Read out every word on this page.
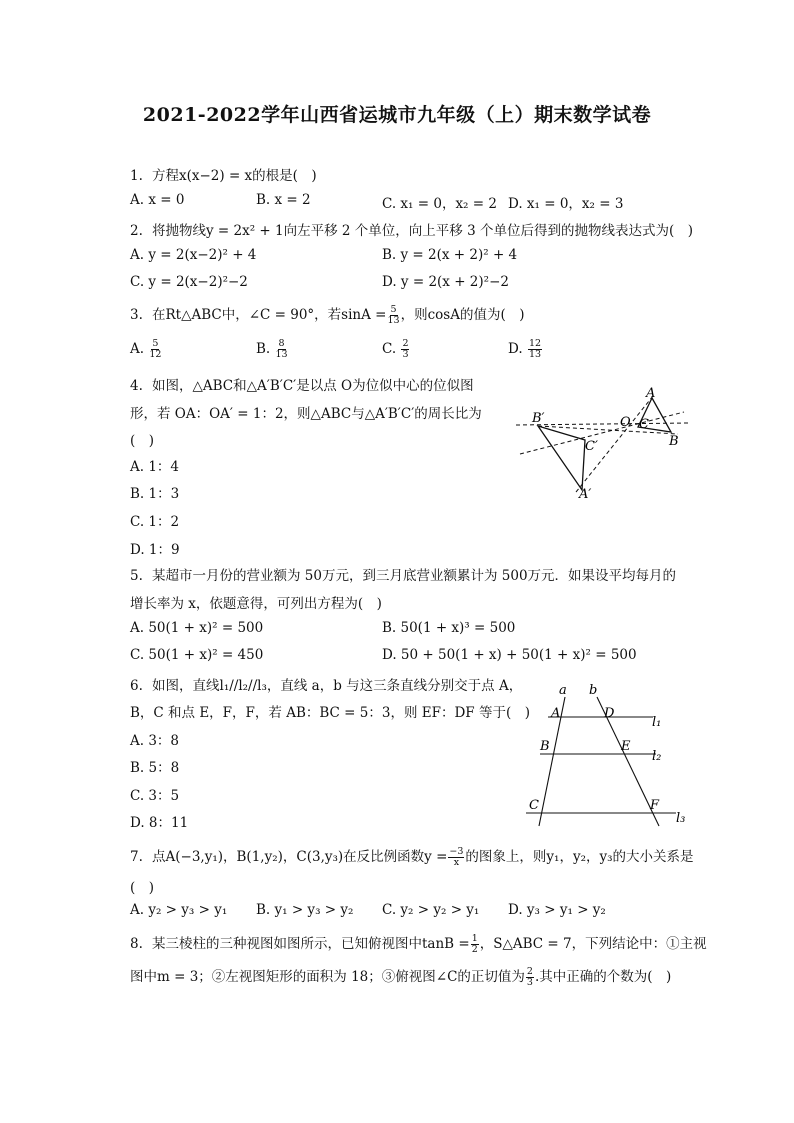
2021-2022学年山西省运城市九年级（上）期末数学试卷
1. 方程x(x−2) = x的根是(　)
A. x = 0	B. x = 2	C. x₁ = 0，x₂ = 2 D. x₁ = 0，x₂ = 3
2. 将抛物线y = 2x² + 1向左平移 2 个单位，向上平移 3 个单位后得到的抛物线表达式为(　)
A. y = 2(x−2)² + 4	B. y = 2(x + 2)² + 4
C. y = 2(x−2)²−2	D. y = 2(x + 2)²−2
3. 在Rt△ABC中，∠C = 90°，若$\sin A = \frac{5}{13}$ ，则cosA的值为(　)
A. $\frac{5}{12}$	B. $\frac{8}{13}$	C. $\frac{2}{3}$	D. $\frac{12}{13}$
4. 如图，△ABC和△A′B′C′是以点 O为位似中心的位似图
形，若 OA：OA′ = 1：2，则△ABC与△A′B′C′的周长比为
(　)
A. 1：4
B. 1：3
C. 1：2
D. 1：9
A
B
C
O
A′
B′
C′
5. 某超市一月份的营业额为 50万元，到三月底营业额累计为 500万元．如果设平均每月的
增长率为 x，依题意得，可列出方程为(　)
A. 50(1 + x)² = 500	B. 50(1 + x)³ = 500
C. 50(1 + x)² = 450	D. 50 + 50(1 + x) + 50(1 + x)² = 500
6. 如图，直线l₁//l₂//l₃，直线 a，b 与这三条直线分别交于点 A，
B，C 和点 E，F，F，若 AB：BC = 5：3，则 EF：DF 等于(　)
A. 3：8
B. 5：8
C. 3：5
D. 8：11
a b
A	D
B	E
C	F
l₁
l₂
l₃
7. 点A(−3,y₁)，B(1,y₂)，C(3,y₃)在反比例函数$y = \frac{-3}{x}$ 的图象上，则y₁，y₂，y₃的大小关系是
(　)
A. y₂ > y₃ > y₁ B. y₁ > y₃ > y₂ C. y₂ > y₂ > y₁ D. y₃ > y₁ > y₂
8. 某三棱柱的三种视图如图所示，已知俯视图中$\tan B = \frac{1}{2}$ ，S△ABC = 7，下列结论中：①主视
图中m = 3；②左视图矩形的面积为 18；③俯视图∠C的正切值为 $\frac{2}{3}$ .其中正确的个数为(　)
